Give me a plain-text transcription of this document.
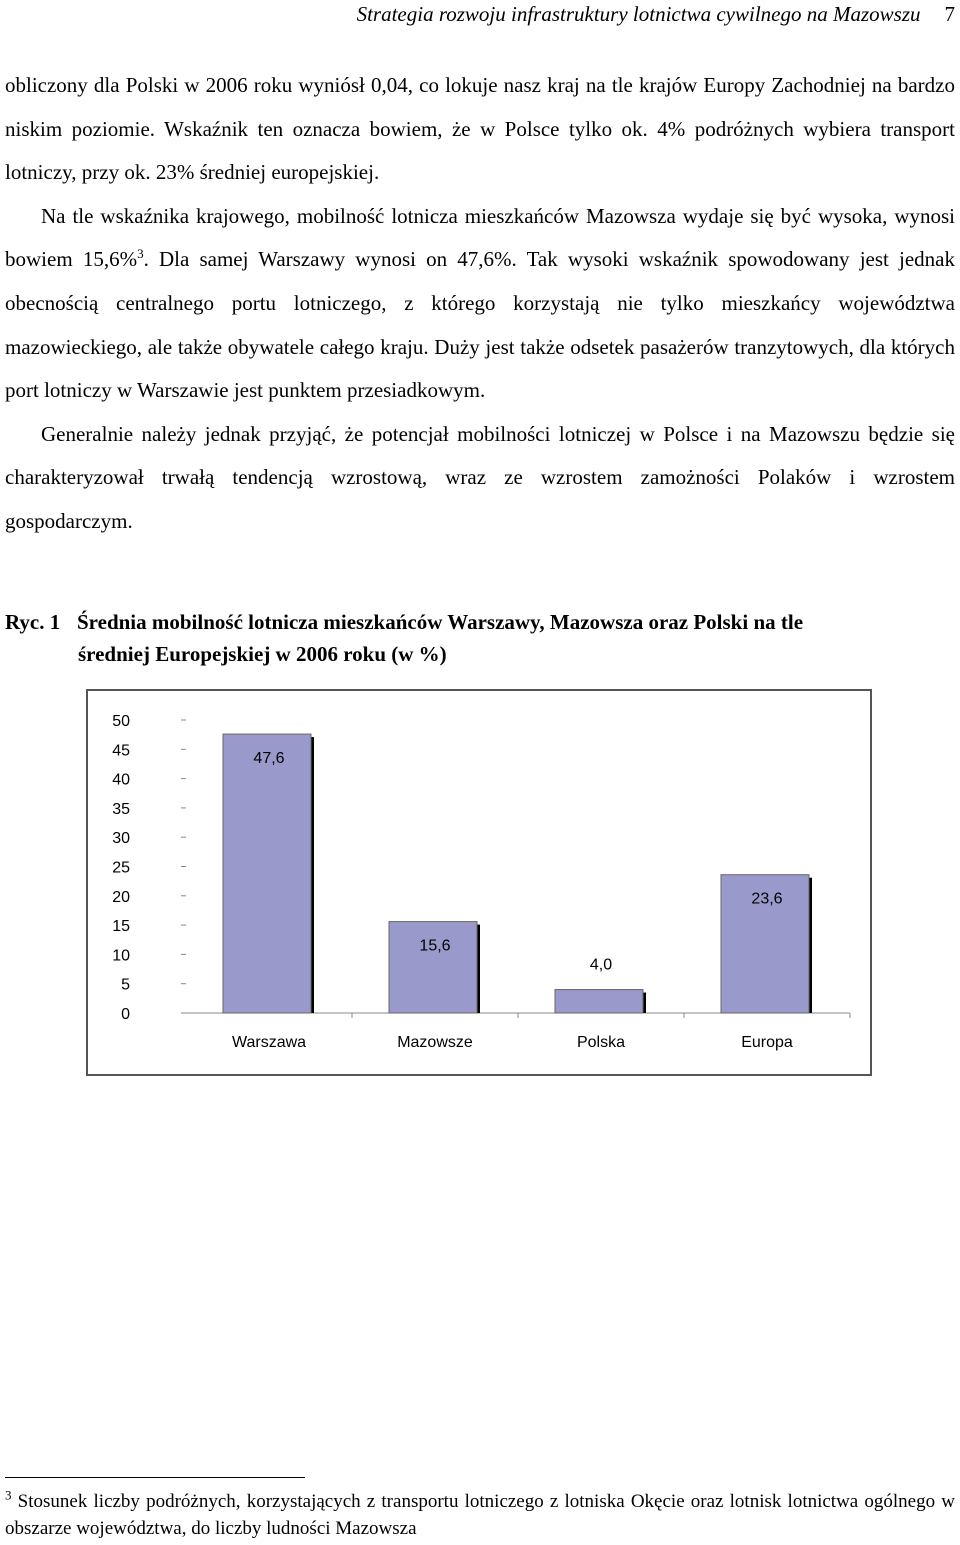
Strategia rozwoju infrastruktury lotnictwa cywilnego na Mazowszu 7

obliczony dla Polski w 2006 roku wyniósł 0,04, co lokuje nasz kraj na tle krajów Europy Zachodniej na bardzo niskim poziomie. Wskaźnik ten oznacza bowiem, że w Polsce tylko ok. 4% podróżnych wybiera transport lotniczy, przy ok. 23% średniej europejskiej.

Na tle wskaźnika krajowego, mobilność lotnicza mieszkańców Mazowsza wydaje się być wysoka, wynosi bowiem 15,6%$^3$. Dla samej Warszawy wynosi on 47,6%. Tak wysoki wskaźnik spowodowany jest jednak obecnością centralnego portu lotniczego, z którego korzystają nie tylko mieszkańcy województwa mazowieckiego, ale także obywatele całego kraju. Duży jest także odsetek pasażerów tranzytowych, dla których port lotniczy w Warszawie jest punktem przesiadkowym.

Generalnie należy jednak przyjąć, że potencjał mobilności lotniczej w Polsce i na Mazowszu będzie się charakteryzował trwałą tendencją wzrostową, wraz ze wzrostem zamożności Polaków i wzrostem gospodarczym.

Ryc. 1 Średnia mobilność lotnicza mieszkańców Warszawy, Mazowsza oraz Polski na tle
średniej Europejskiej w 2006 roku (w %)
0
5
10
15
20
25
30
35
40
45
50
47,6
Warszawa
15,6
Mazowsze
4,0
Polska
23,6
Europa
$^3$ Stosunek liczby podróżnych, korzystających z transportu lotniczego z lotniska Okęcie oraz lotnisk lotnictwa ogólnego w obszarze województwa, do liczby ludności Mazowsza
